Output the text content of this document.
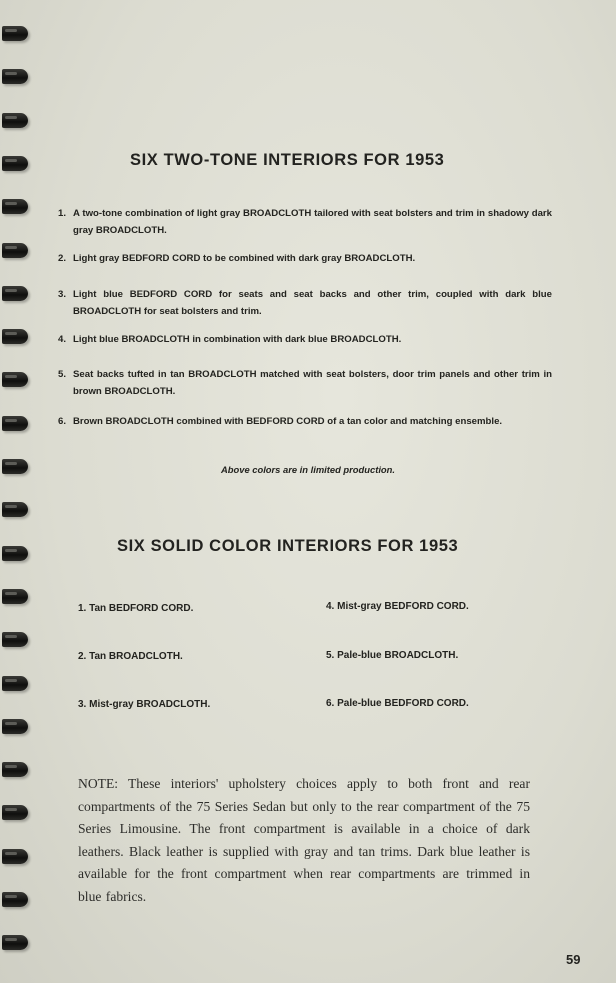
SIX TWO-TONE INTERIORS FOR 1953
1. A two-tone combination of light gray BROADCLOTH tailored with seat bolsters and trim in shadowy dark gray BROADCLOTH.
2. Light gray BEDFORD CORD to be combined with dark gray BROADCLOTH.
3. Light blue BEDFORD CORD for seats and seat backs and other trim, coupled with dark blue BROADCLOTH for seat bolsters and trim.
4. Light blue BROADCLOTH in combination with dark blue BROADCLOTH.
5. Seat backs tufted in tan BROADCLOTH matched with seat bolsters, door trim panels and other trim in brown BROADCLOTH.
6. Brown BROADCLOTH combined with BEDFORD CORD of a tan color and matching ensemble.
Above colors are in limited production.
SIX SOLID COLOR INTERIORS FOR 1953
1. Tan BEDFORD CORD.
2. Tan BROADCLOTH.
3. Mist-gray BROADCLOTH.
4. Mist-gray BEDFORD CORD.
5. Pale-blue BROADCLOTH.
6. Pale-blue BEDFORD CORD.
NOTE: These interiors' upholstery choices apply to both front and rear compartments of the 75 Series Sedan but only to the rear compartment of the 75 Series Limousine. The front compartment is available in a choice of dark leathers. Black leather is supplied with gray and tan trims. Dark blue leather is available for the front compartment when rear compartments are trimmed in blue fabrics.
59
